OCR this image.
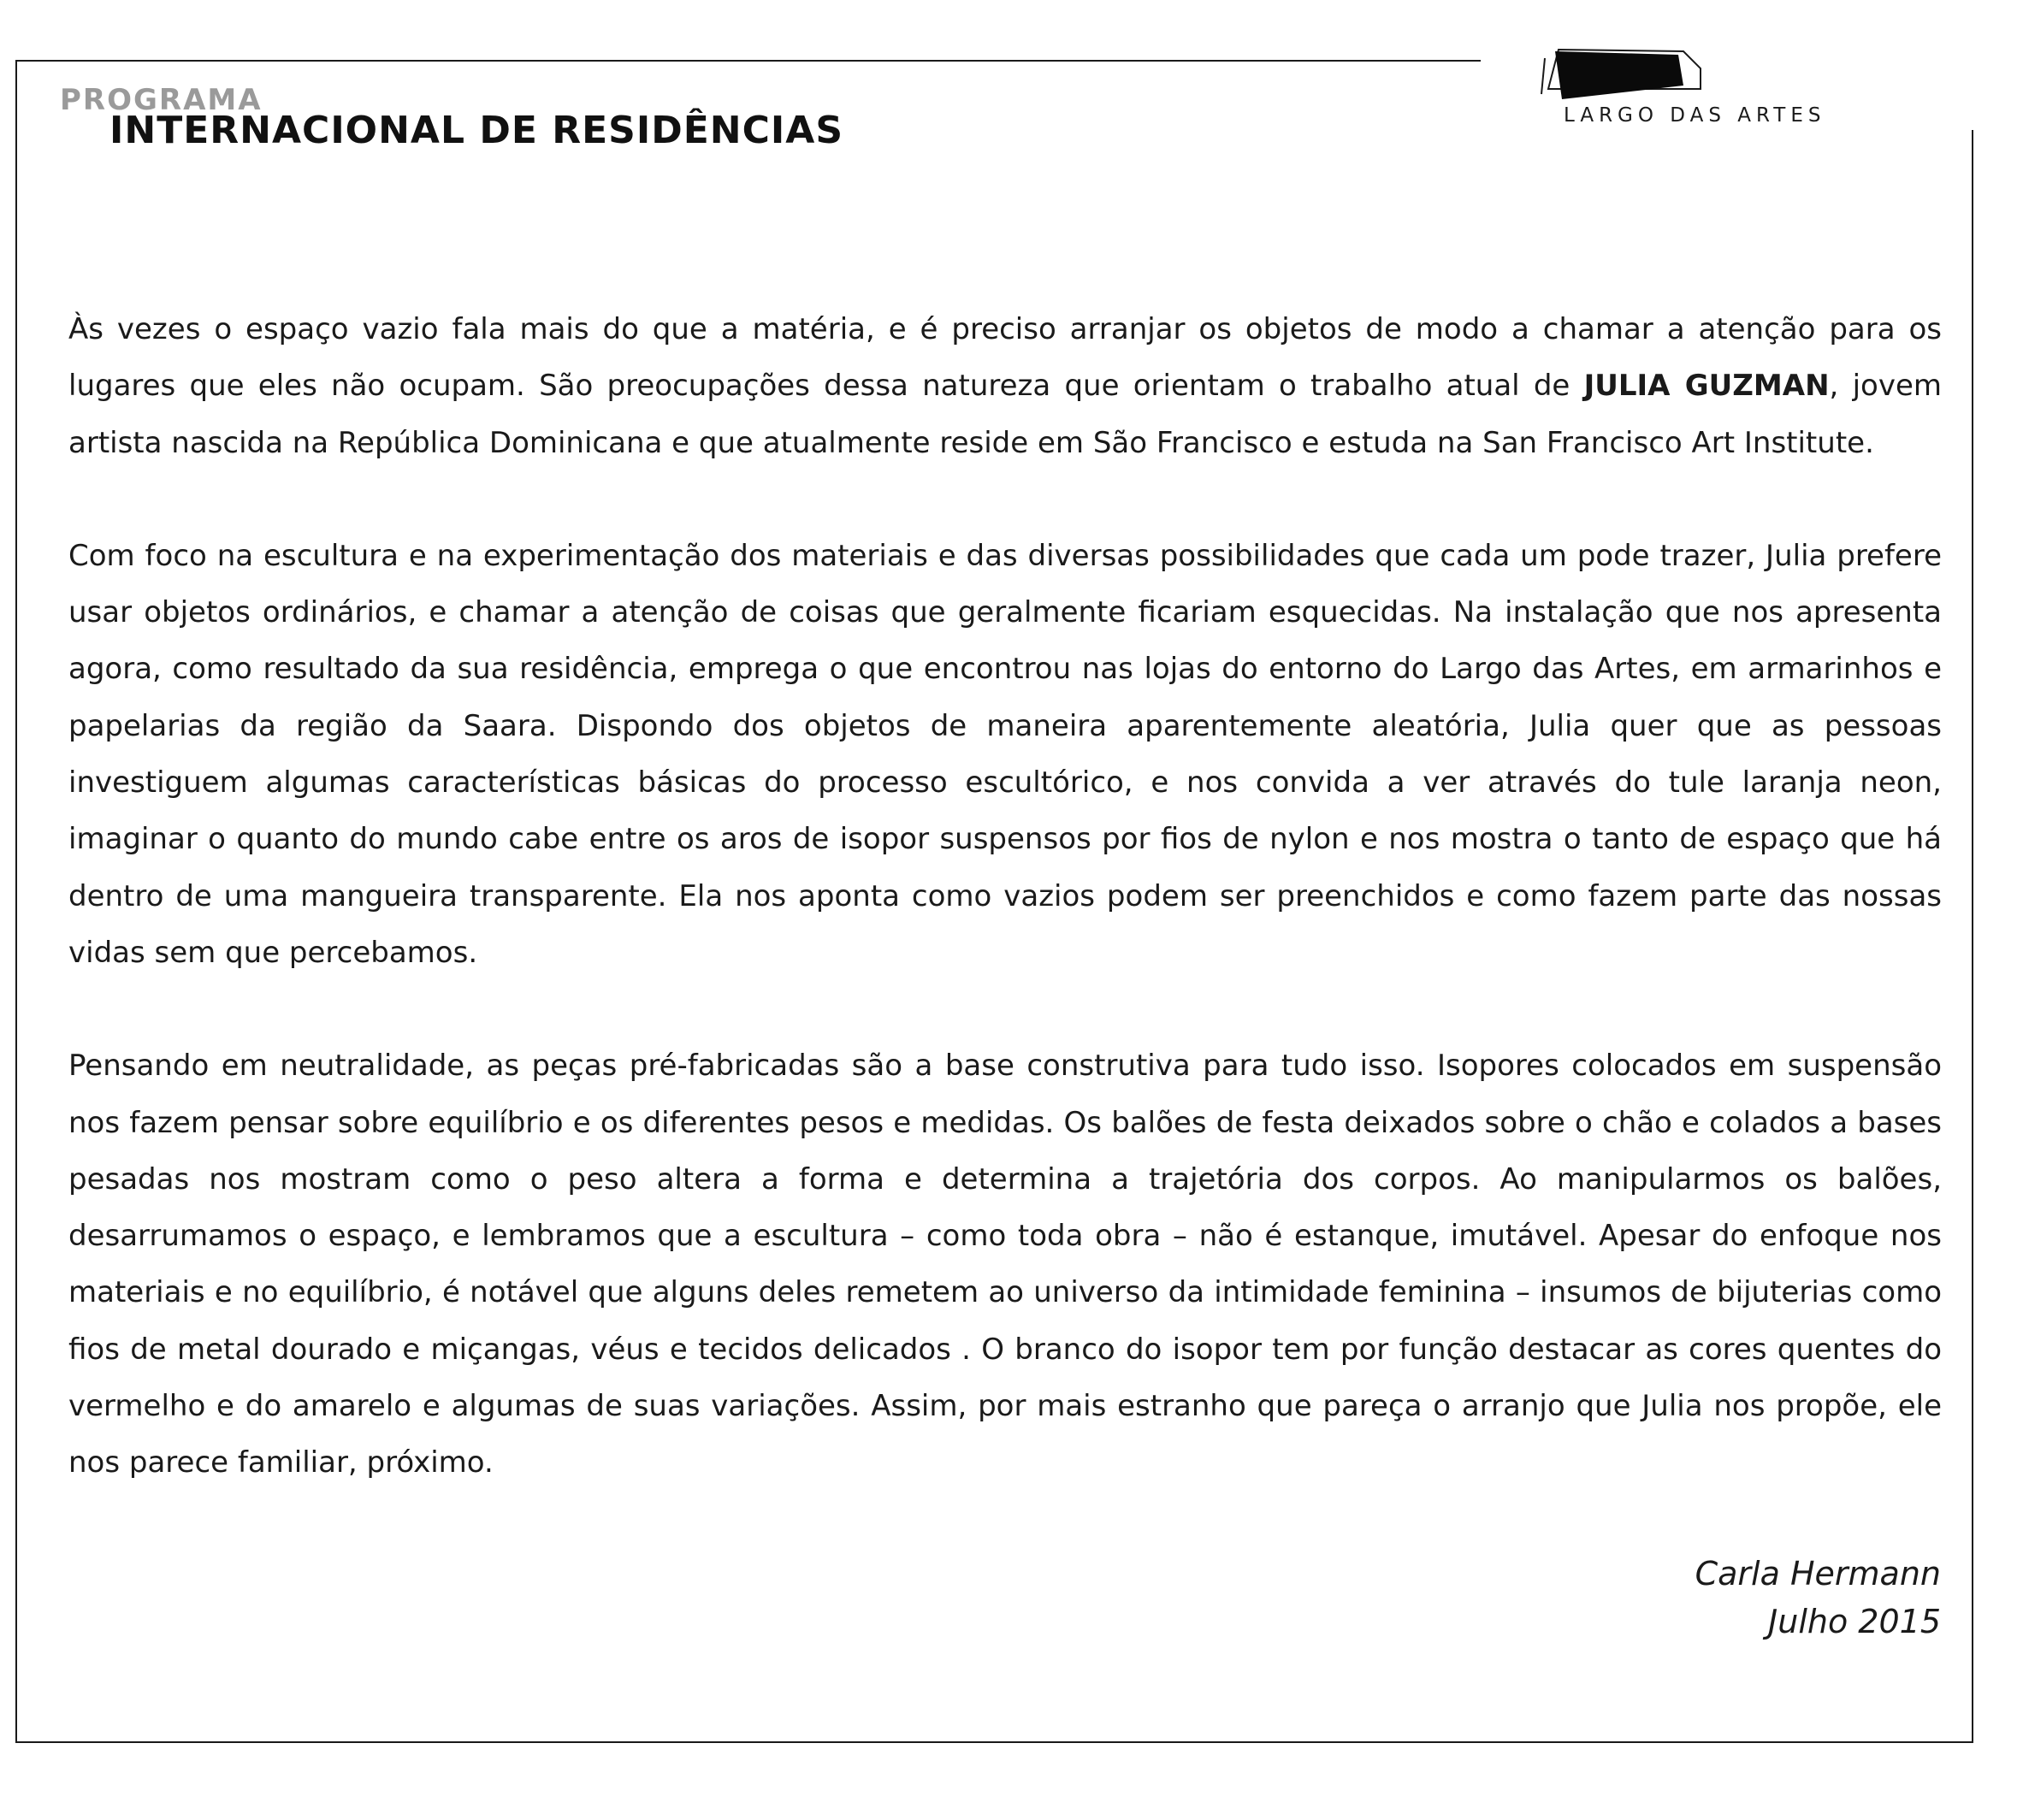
PROGRAMA
INTERNACIONAL DE RESIDÊNCIAS	LARGO DAS ARTES

Às vezes o espaço vazio fala mais do que a matéria, e é preciso arranjar os objetos de modo a chamar a atenção para os lugares que eles não ocupam. São preocupações dessa natureza que orientam o trabalho atual de JULIA GUZMAN, jovem artista nascida na República Dominicana e que atualmente reside em São Francisco e estuda na San Francisco Art Institute.

Com foco na escultura e na experimentação dos materiais e das diversas possibilidades que cada um pode trazer, Julia prefere usar objetos ordinários, e chamar a atenção de coisas que geralmente ficariam esquecidas. Na instalação que nos apresenta agora, como resultado da sua residência, emprega o que encontrou nas lojas do entorno do Largo das Artes, em armarinhos e papelarias da região da Saara. Dispondo dos objetos de maneira aparentemente aleatória, Julia quer que as pessoas investiguem algumas características básicas do processo escultórico, e nos convida a ver através do tule laranja neon, imaginar o quanto do mundo cabe entre os aros de isopor suspensos por fios de nylon e nos mostra o tanto de espaço que há dentro de uma mangueira transparente. Ela nos aponta como vazios podem ser preenchidos e como fazem parte das nossas vidas sem que percebamos.

Pensando em neutralidade, as peças pré-fabricadas são a base construtiva para tudo isso. Isopores colocados em suspensão nos fazem pensar sobre equilíbrio e os diferentes pesos e medidas. Os balões de festa deixados sobre o chão e colados a bases pesadas nos mostram como o peso altera a forma e determina a trajetória dos corpos. Ao manipularmos os balões, desarrumamos o espaço, e lembramos que a escultura – como toda obra – não é estanque, imutável. Apesar do enfoque nos materiais e no equilíbrio, é notável que alguns deles remetem ao universo da intimidade feminina – insumos de bijuterias como fios de metal dourado e miçangas, véus e tecidos delicados . O branco do isopor tem por função destacar as cores quentes do vermelho e do amarelo e algumas de suas variações. Assim, por mais estranho que pareça o arranjo que Julia nos propõe, ele nos parece familiar, próximo.

Carla Hermann
Julho 2015
